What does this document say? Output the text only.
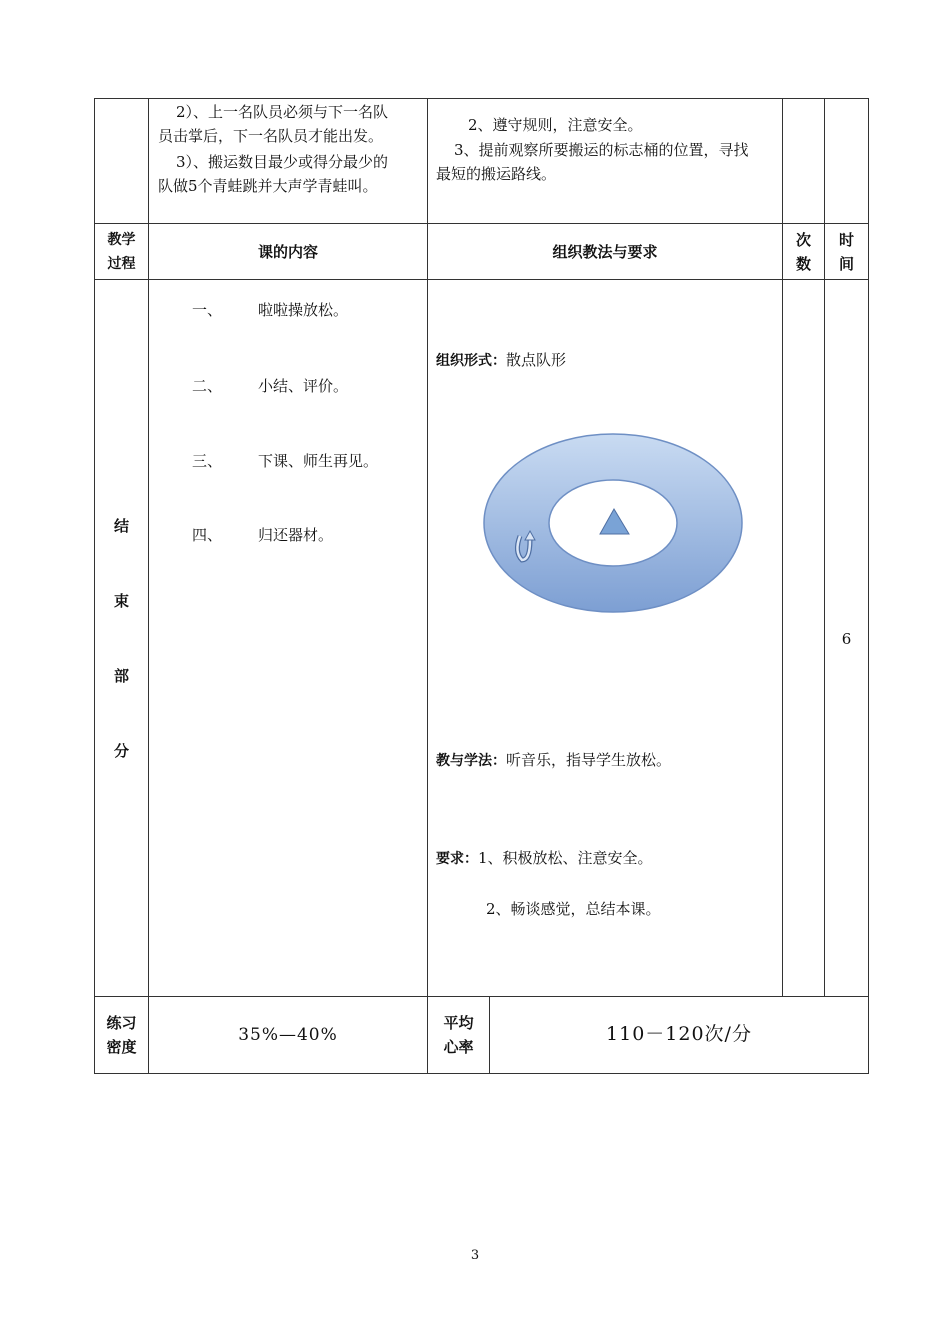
2）、上一名队员必须与下一名队
员击掌后，下一名队员才能出发。
3）、搬运数目最少或得分最少的
队做5个青蛙跳并大声学青蛙叫。
2、遵守规则，注意安全。
3、提前观察所要搬运的标志桶的位置，寻找
最短的搬运路线。
教学
过程
课的内容	组织教法与要求
次
数
时
间
结
束
部
分
一、 啦啦操放松。
二、 小结、评价。
三、 下课、师生再见。
四、 归还器材。
组织形式：散点队形
教与学法：听音乐，指导学生放松。
要求：1、积极放松、注意安全。
2、畅谈感觉，总结本课。
6
练习
密度
35%—40%
平均
心率
110－120次/分
3
